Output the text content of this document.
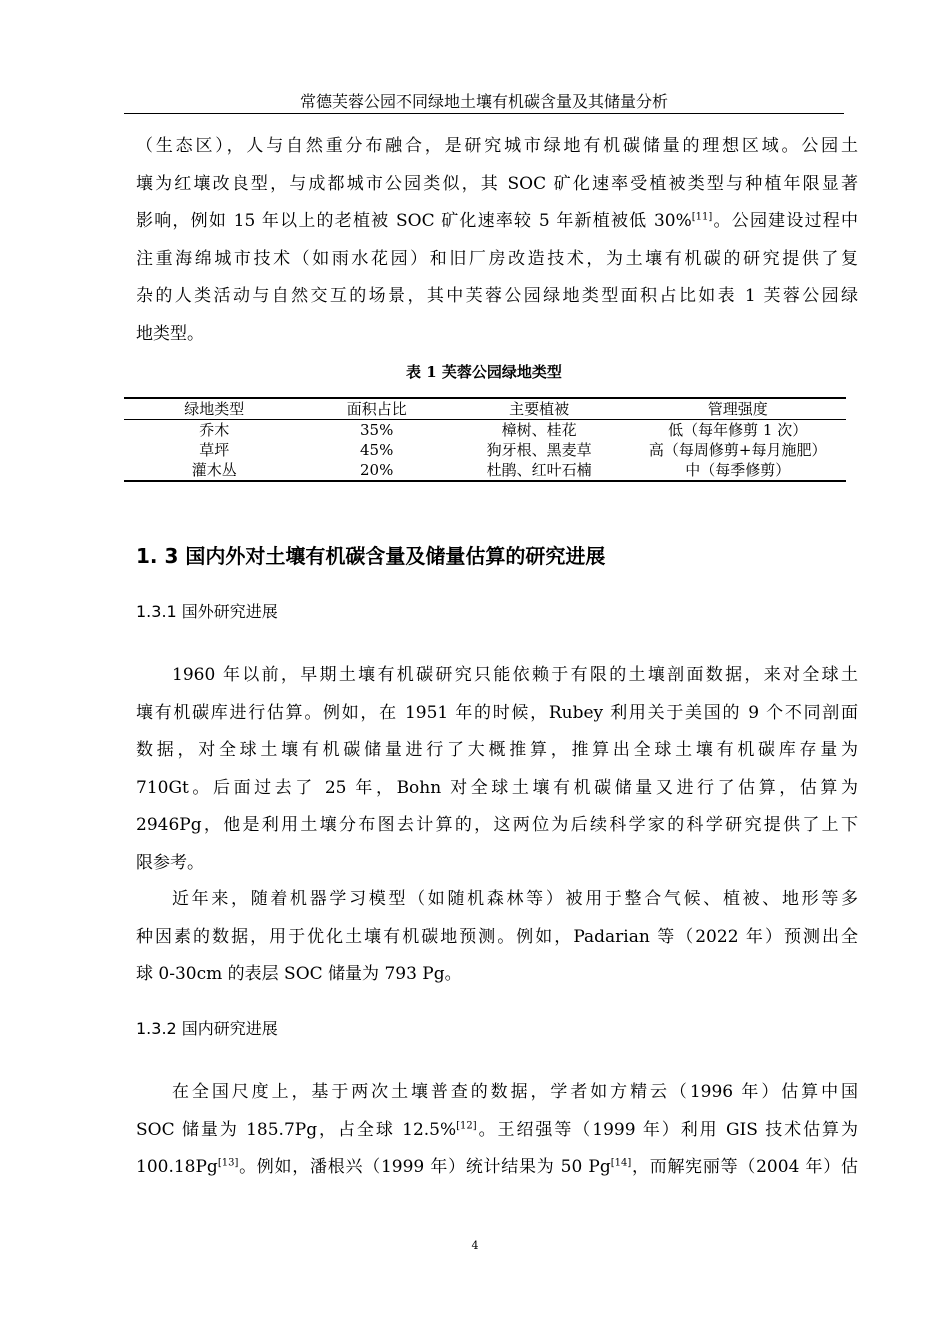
常德芙蓉公园不同绿地土壤有机碳含量及其储量分析
（生态区），人与自然重分布融合，是研究城市绿地有机碳储量的理想区域。公园土
壤为红壤改良型，与成都城市公园类似，其 SOC 矿化速率受植被类型与种植年限显著
影响，例如 15 年以上的老植被 SOC 矿化速率较 5 年新植被低 30%[11]。公园建设过程中
注重海绵城市技术（如雨水花园）和旧厂房改造技术，为土壤有机碳的研究提供了复
杂的人类活动与自然交互的场景，其中芙蓉公园绿地类型面积占比如表 1 芙蓉公园绿
地类型。
表 1 芙蓉公园绿地类型
绿地类型	面积占比	主要植被	管理强度
乔木	35%	樟树、桂花	低（每年修剪 1 次）
草坪	45%	狗牙根、黑麦草	高（每周修剪+每月施肥）
灌木丛	20%	杜鹃、红叶石楠	中（每季修剪）
1. 3 国内外对土壤有机碳含量及储量估算的研究进展
1.3.1 国外研究进展
1960 年以前，早期土壤有机碳研究只能依赖于有限的土壤剖面数据，来对全球土
壤有机碳库进行估算。例如，在 1951 年的时候，Rubey 利用关于美国的 9 个不同剖面
数据，对全球土壤有机碳储量进行了大概推算，推算出全球土壤有机碳库存量为
710Gt。后面过去了 25 年，Bohn 对全球土壤有机碳储量又进行了估算，估算为
2946Pg，他是利用土壤分布图去计算的，这两位为后续科学家的科学研究提供了上下
限参考。
近年来，随着机器学习模型（如随机森林等）被用于整合气候、植被、地形等多
种因素的数据，用于优化土壤有机碳地预测。例如，Padarian 等（2022 年）预测出全
球 0-30cm 的表层 SOC 储量为 793 Pg。
1.3.2 国内研究进展
在全国尺度上，基于两次土壤普查的数据，学者如方精云（1996 年）估算中国
SOC 储量为 185.7Pg，占全球 12.5%[12]。王绍强等（1999 年）利用 GIS 技术估算为
100.18Pg[13]。例如，潘根兴（1999 年）统计结果为 50 Pg[14]，而解宪丽等（2004 年）估
4
